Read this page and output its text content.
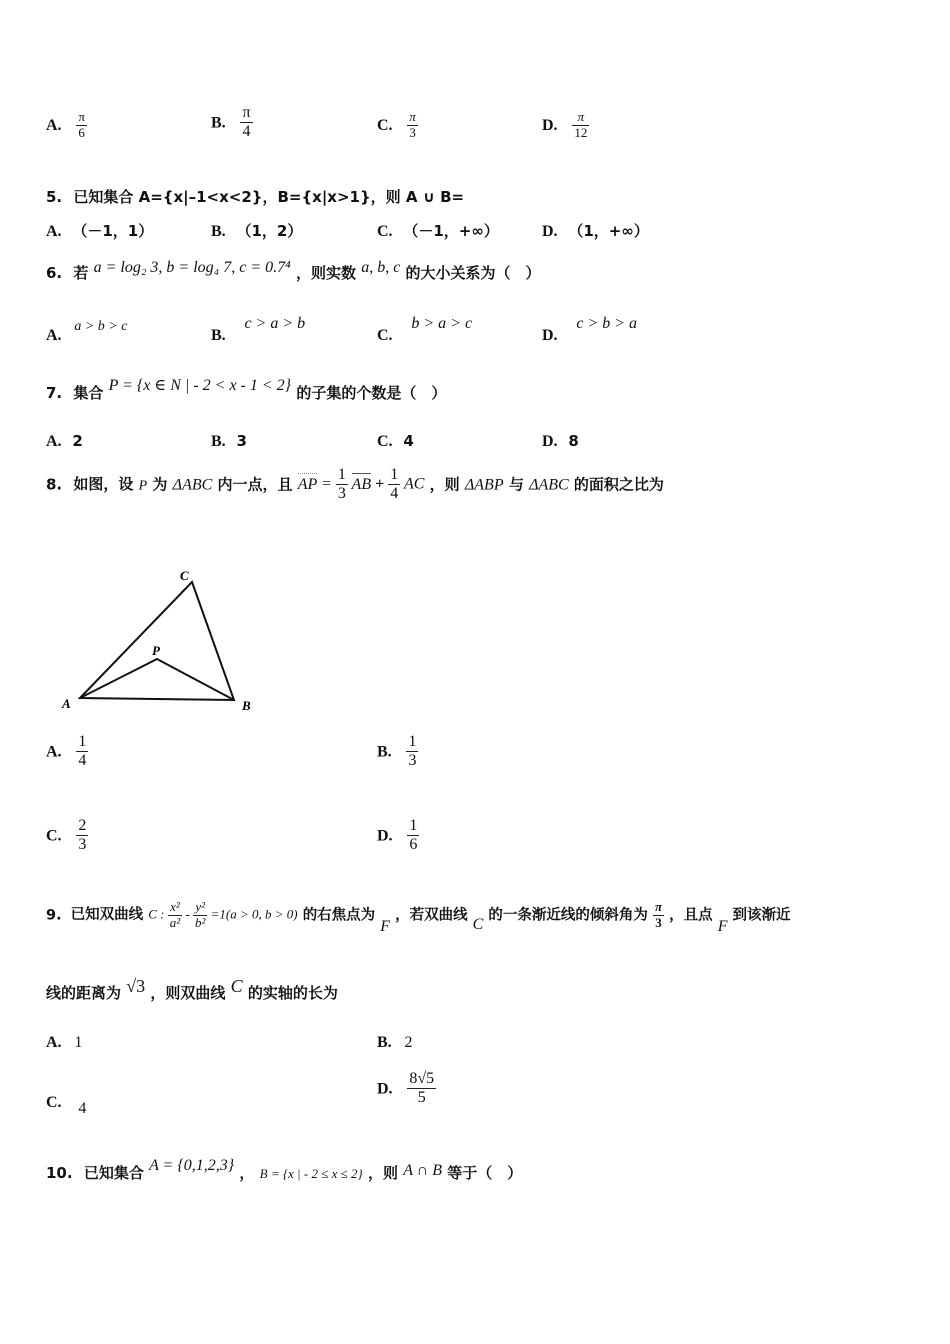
A. $\frac{\pi}{6}$	B. $\frac{\pi}{4}$	C. $\frac{\pi}{3}$	D. $\frac{\pi}{12}$
5. 已知集合 A={x|–1<x<2}，B={x|x>1}，则 A ∪ B=
A. （－1，1）	B. （1，2）	C. （－1，+∞）	D. （1，+∞）
6. 若 a = log₂ 3, b = log₄ 7, c = 0.7⁴ ，则实数 a, b, c 的大小关系为（　）
A. a > b > c
B. c > a > b
C. b > a > c
D. c > b > a
7. 集合 P = {x ∈ N | - 2 < x - 1 < 2} 的子集的个数是（　）
A. 2	B. 3	C. 4	D. 8
8. 如图，设 P 为 ΔABC 内一点，且 AP = $\frac{1}{3}$ AB + $\frac{1}{4}$ AC ，则 ΔABP 与 ΔABC 的面积之比为
A	B
C
P
A. $\frac{1}{4}$	B. $\frac{1}{3}$
C. $\frac{2}{3}$	D. $\frac{1}{6}$
9. 已知双曲线 C : $\frac{\text{x²}}{\text{a²}} - \frac{\text{y²}}{\text{b²}} =1(a > 0$, b > 0) 的右焦点为 F ，若双曲线 C 的一条渐近线的倾斜角为 $\frac{\pi}{3}$ ，且点 F 到该渐近
线的距离为 √3 ，则双曲线 C 的实轴的长为
A. 1	B. 2
C. 4
D. $\frac{8√5}{5}$
10. 已知集合 A = {0,1,2,3} ， B = {x | - 2 ≤ x ≤ 2} ，则 A ∩ B 等于（　）
